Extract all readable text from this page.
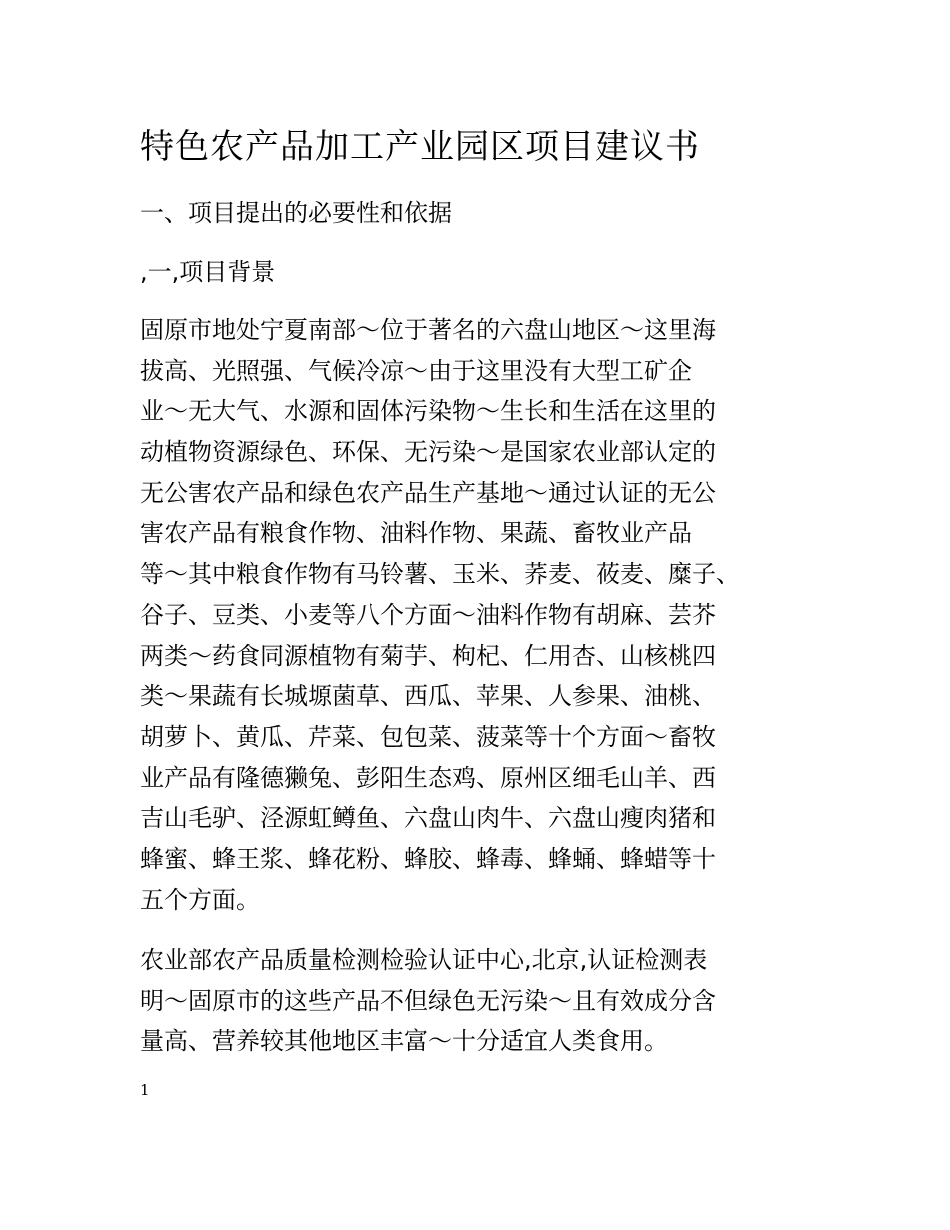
特色农产品加工产业园区项目建议书
一、项目提出的必要性和依据
,一,项目背景
固原市地处宁夏南部～位于著名的六盘山地区～这里海
拔高、光照强、气候冷凉～由于这里没有大型工矿企
业～无大气、水源和固体污染物～生长和生活在这里的
动植物资源绿色、环保、无污染～是国家农业部认定的
无公害农产品和绿色农产品生产基地～通过认证的无公
害农产品有粮食作物、油料作物、果蔬、畜牧业产品
等～其中粮食作物有马铃薯、玉米、荞麦、莜麦、糜子、
谷子、豆类、小麦等八个方面～油料作物有胡麻、芸芥
两类～药食同源植物有菊芋、枸杞、仁用杏、山核桃四
类～果蔬有长城塬菌草、西瓜、苹果、人参果、油桃、
胡萝卜、黄瓜、芹菜、包包菜、菠菜等十个方面～畜牧
业产品有隆德獭兔、彭阳生态鸡、原州区细毛山羊、西
吉山毛驴、泾源虹鳟鱼、六盘山肉牛、六盘山瘦肉猪和
蜂蜜、蜂王浆、蜂花粉、蜂胶、蜂毒、蜂蛹、蜂蜡等十
五个方面。
农业部农产品质量检测检验认证中心,北京,认证检测表
明～固原市的这些产品不但绿色无污染～且有效成分含
量高、营养较其他地区丰富～十分适宜人类食用。
1
